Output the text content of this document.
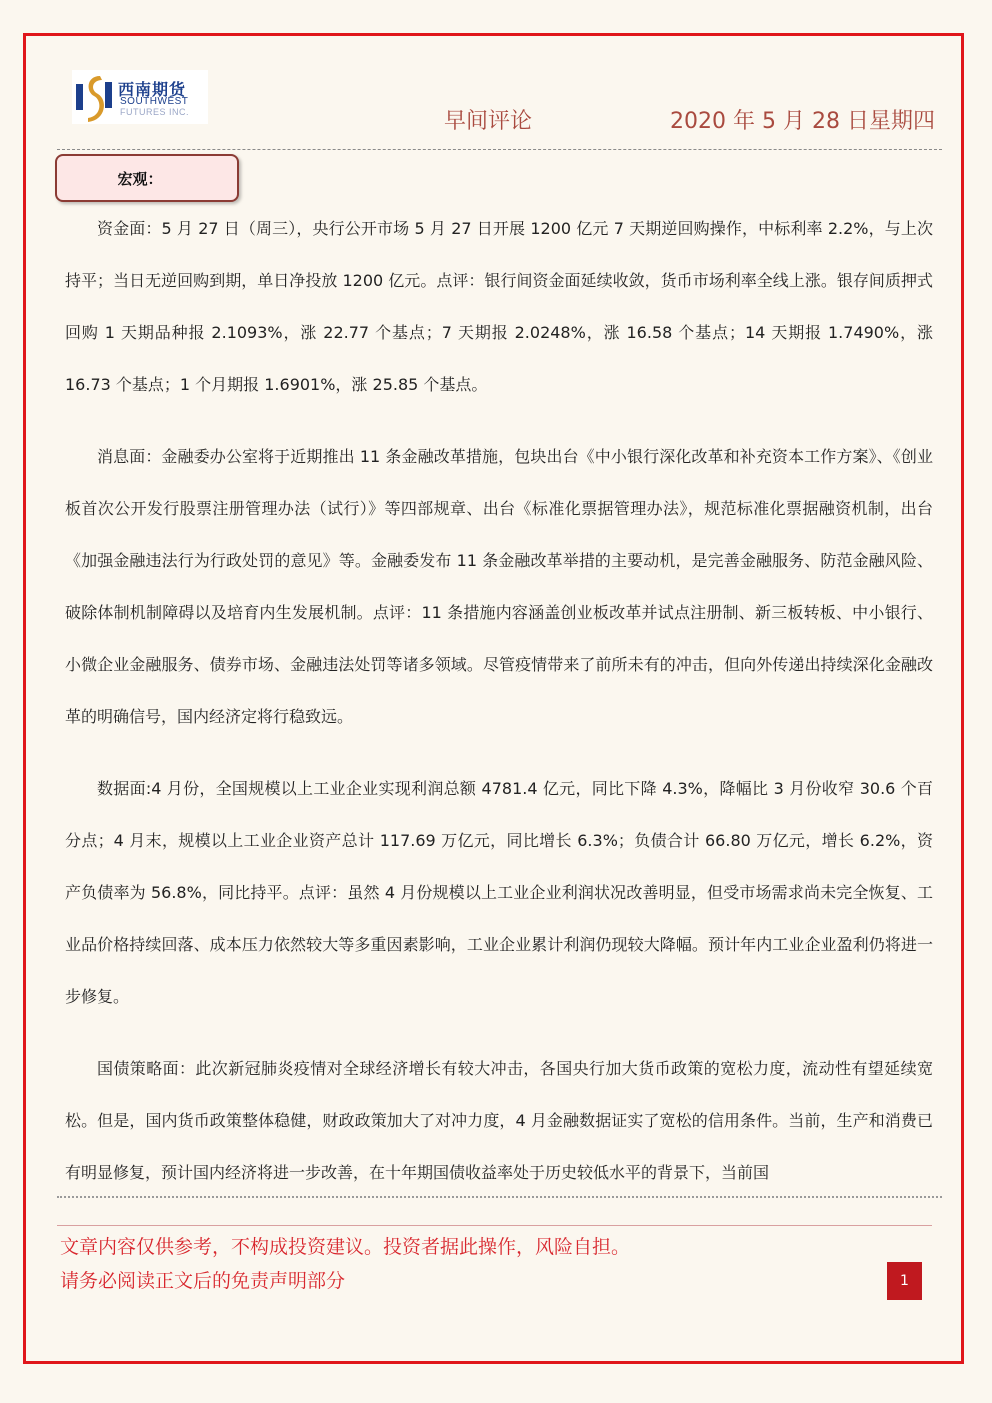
西南期货
SOUTHWEST
FUTURES INC.	早间评论	2020 年 5 月 28 日星期四
宏观：

资金面：5 月 27 日（周三），央行公开市场 5 月 27 日开展 1200 亿元 7 天期逆回购操作，中标利率 2.2%，与上次持平；当日无逆回购到期，单日净投放 1200 亿元。点评：银行间资金面延续收敛，货币市场利率全线上涨。银存间质押式回购 1 天期品种报 2.1093%，涨 22.77 个基点；7 天期报 2.0248%，涨 16.58 个基点；14 天期报 1.7490%，涨 16.73 个基点；1 个月期报 1.6901%，涨 25.85 个基点。

消息面：金融委办公室将于近期推出 11 条金融改革措施，包块出台《中小银行深化改革和补充资本工作方案》、《创业板首次公开发行股票注册管理办法（试行）》等四部规章、出台《标准化票据管理办法》，规范标准化票据融资机制，出台《加强金融违法行为行政处罚的意见》等。金融委发布 11 条金融改革举措的主要动机，是完善金融服务、防范金融风险、破除体制机制障碍以及培育内生发展机制。点评：11 条措施内容涵盖创业板改革并试点注册制、新三板转板、中小银行、小微企业金融服务、债券市场、金融违法处罚等诸多领域。尽管疫情带来了前所未有的冲击，但向外传递出持续深化金融改革的明确信号，国内经济定将行稳致远。

数据面:4 月份，全国规模以上工业企业实现利润总额 4781.4 亿元，同比下降 4.3%，降幅比 3 月份收窄 30.6 个百分点；4 月末，规模以上工业企业资产总计 117.69 万亿元，同比增长 6.3%；负债合计 66.80 万亿元，增长 6.2%，资产负债率为 56.8%，同比持平。点评：虽然 4 月份规模以上工业企业利润状况改善明显，但受市场需求尚未完全恢复、工业品价格持续回落、成本压力依然较大等多重因素影响，工业企业累计利润仍现较大降幅。预计年内工业企业盈利仍将进一步修复。

国债策略面：此次新冠肺炎疫情对全球经济增长有较大冲击，各国央行加大货币政策的宽松力度，流动性有望延续宽松。但是，国内货币政策整体稳健，财政政策加大了对冲力度，4 月金融数据证实了宽松的信用条件。当前，生产和消费已有明显修复，预计国内经济将进一步改善，在十年期国债收益率处于历史较低水平的背景下，当前国

文章内容仅供参考，不构成投资建议。投资者据此操作，风险自担。
请务必阅读正文后的免责声明部分	1
